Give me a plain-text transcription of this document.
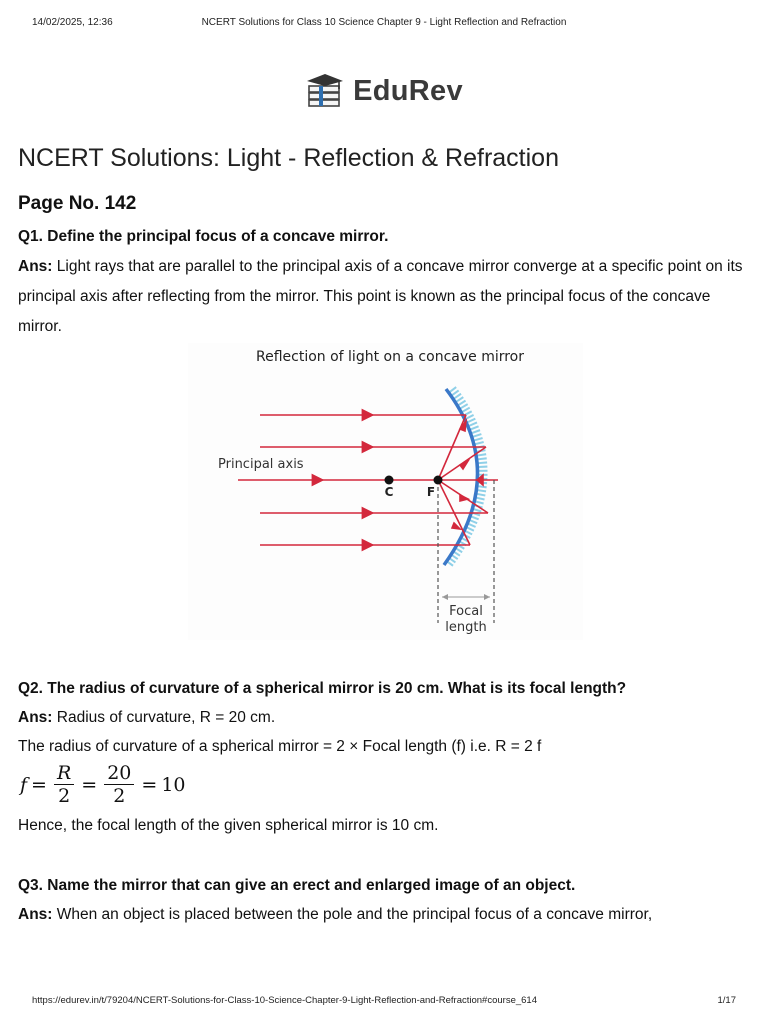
14/02/2025, 12:36	NCERT Solutions for Class 10 Science Chapter 9 - Light Reflection and Refraction
EduRev
NCERT Solutions: Light - Reflection & Refraction
Page No. 142
Q1. Define the principal focus of a concave mirror.
Ans: Light rays that are parallel to the principal axis of a concave mirror converge at a specific point on its principal axis after reflecting from the mirror. This point is known as the principal focus of the concave mirror.
Reflection of light on a concave mirror
Principal axis
C	F
Focal
length
Q2. The radius of curvature of a spherical mirror is 20 cm. What is its focal length?
Ans: Radius of curvature, R = 20 cm.
The radius of curvature of a spherical mirror = 2 × Focal length (f) i.e. R = 2 f
$f = \frac{R}{2} = \frac{20}{2} = 10$
Hence, the focal length of the given spherical mirror is 10 cm.
Q3. Name the mirror that can give an erect and enlarged image of an object.
Ans: When an object is placed between the pole and the principal focus of a concave mirror,
https://edurev.in/t/79204/NCERT-Solutions-for-Class-10-Science-Chapter-9-Light-Reflection-and-Refraction#course_614	1/17
